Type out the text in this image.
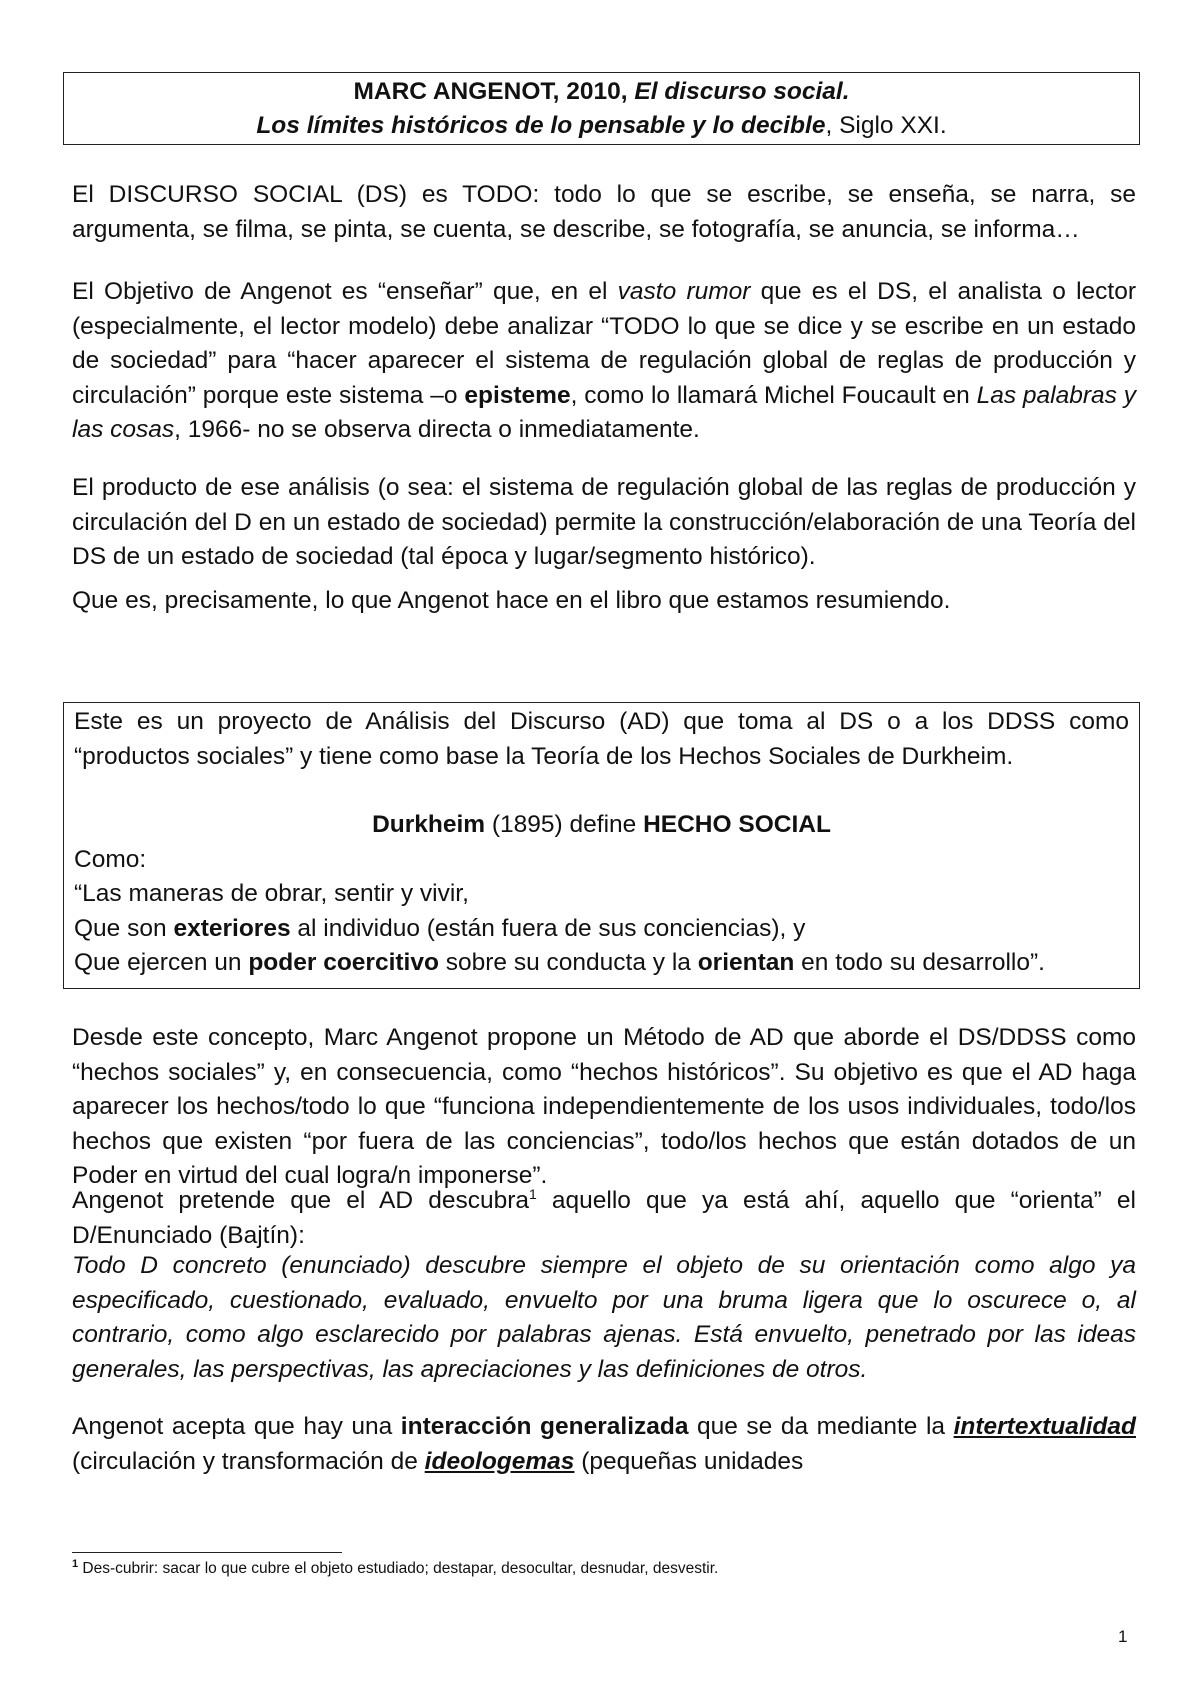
MARC ANGENOT, 2010, El discurso social.
Los límites históricos de lo pensable y lo decible, Siglo XXI.

El DISCURSO SOCIAL (DS) es TODO: todo lo que se escribe, se enseña, se narra, se argumenta, se filma, se pinta, se cuenta, se describe, se fotografía, se anuncia, se informa…

El Objetivo de Angenot es “enseñar” que, en el vasto rumor que es el DS, el analista o lector (especialmente, el lector modelo) debe analizar “TODO lo que se dice y se escribe en un estado de sociedad” para “hacer aparecer el sistema de regulación global de reglas de producción y circulación” porque este sistema –o episteme, como lo llamará Michel Foucault en Las palabras y las cosas, 1966- no se observa directa o inmediatamente.

El producto de ese análisis (o sea: el sistema de regulación global de las reglas de producción y circulación del D en un estado de sociedad) permite la construcción/elaboración de una Teoría del DS de un estado de sociedad (tal época y lugar/segmento histórico).

Que es, precisamente, lo que Angenot hace en el libro que estamos resumiendo.

Este es un proyecto de Análisis del Discurso (AD) que toma al DS o a los DDSS como “productos sociales” y tiene como base la Teoría de los Hechos Sociales de Durkheim.

Durkheim (1895) define HECHO SOCIAL

Como:

“Las maneras de obrar, sentir y vivir,

Que son exteriores al individuo (están fuera de sus conciencias), y

Que ejercen un poder coercitivo sobre su conducta y la orientan en todo su desarrollo”.

Desde este concepto, Marc Angenot propone un Método de AD que aborde el DS/DDSS como “hechos sociales” y, en consecuencia, como “hechos históricos”. Su objetivo es que el AD haga aparecer los hechos/todo lo que “funciona independientemente de los usos individuales, todo/los hechos que existen “por fuera de las conciencias”, todo/los hechos que están dotados de un Poder en virtud del cual logra/n imponerse”.

Angenot pretende que el AD descubra$^1$ aquello que ya está ahí, aquello que “orienta” el D/Enunciado (Bajtín):

Todo D concreto (enunciado) descubre siempre el objeto de su orientación como algo ya especificado, cuestionado, evaluado, envuelto por una bruma ligera que lo oscurece o, al contrario, como algo esclarecido por palabras ajenas. Está envuelto, penetrado por las ideas generales, las perspectivas, las apreciaciones y las definiciones de otros.

Angenot acepta que hay una interacción generalizada que se da mediante la intertextualidad (circulación y transformación de ideologemas (pequeñas unidades

$^1$ Des-cubrir: sacar lo que cubre el objeto estudiado; destapar, desocultar, desnudar, desvestir.
1
